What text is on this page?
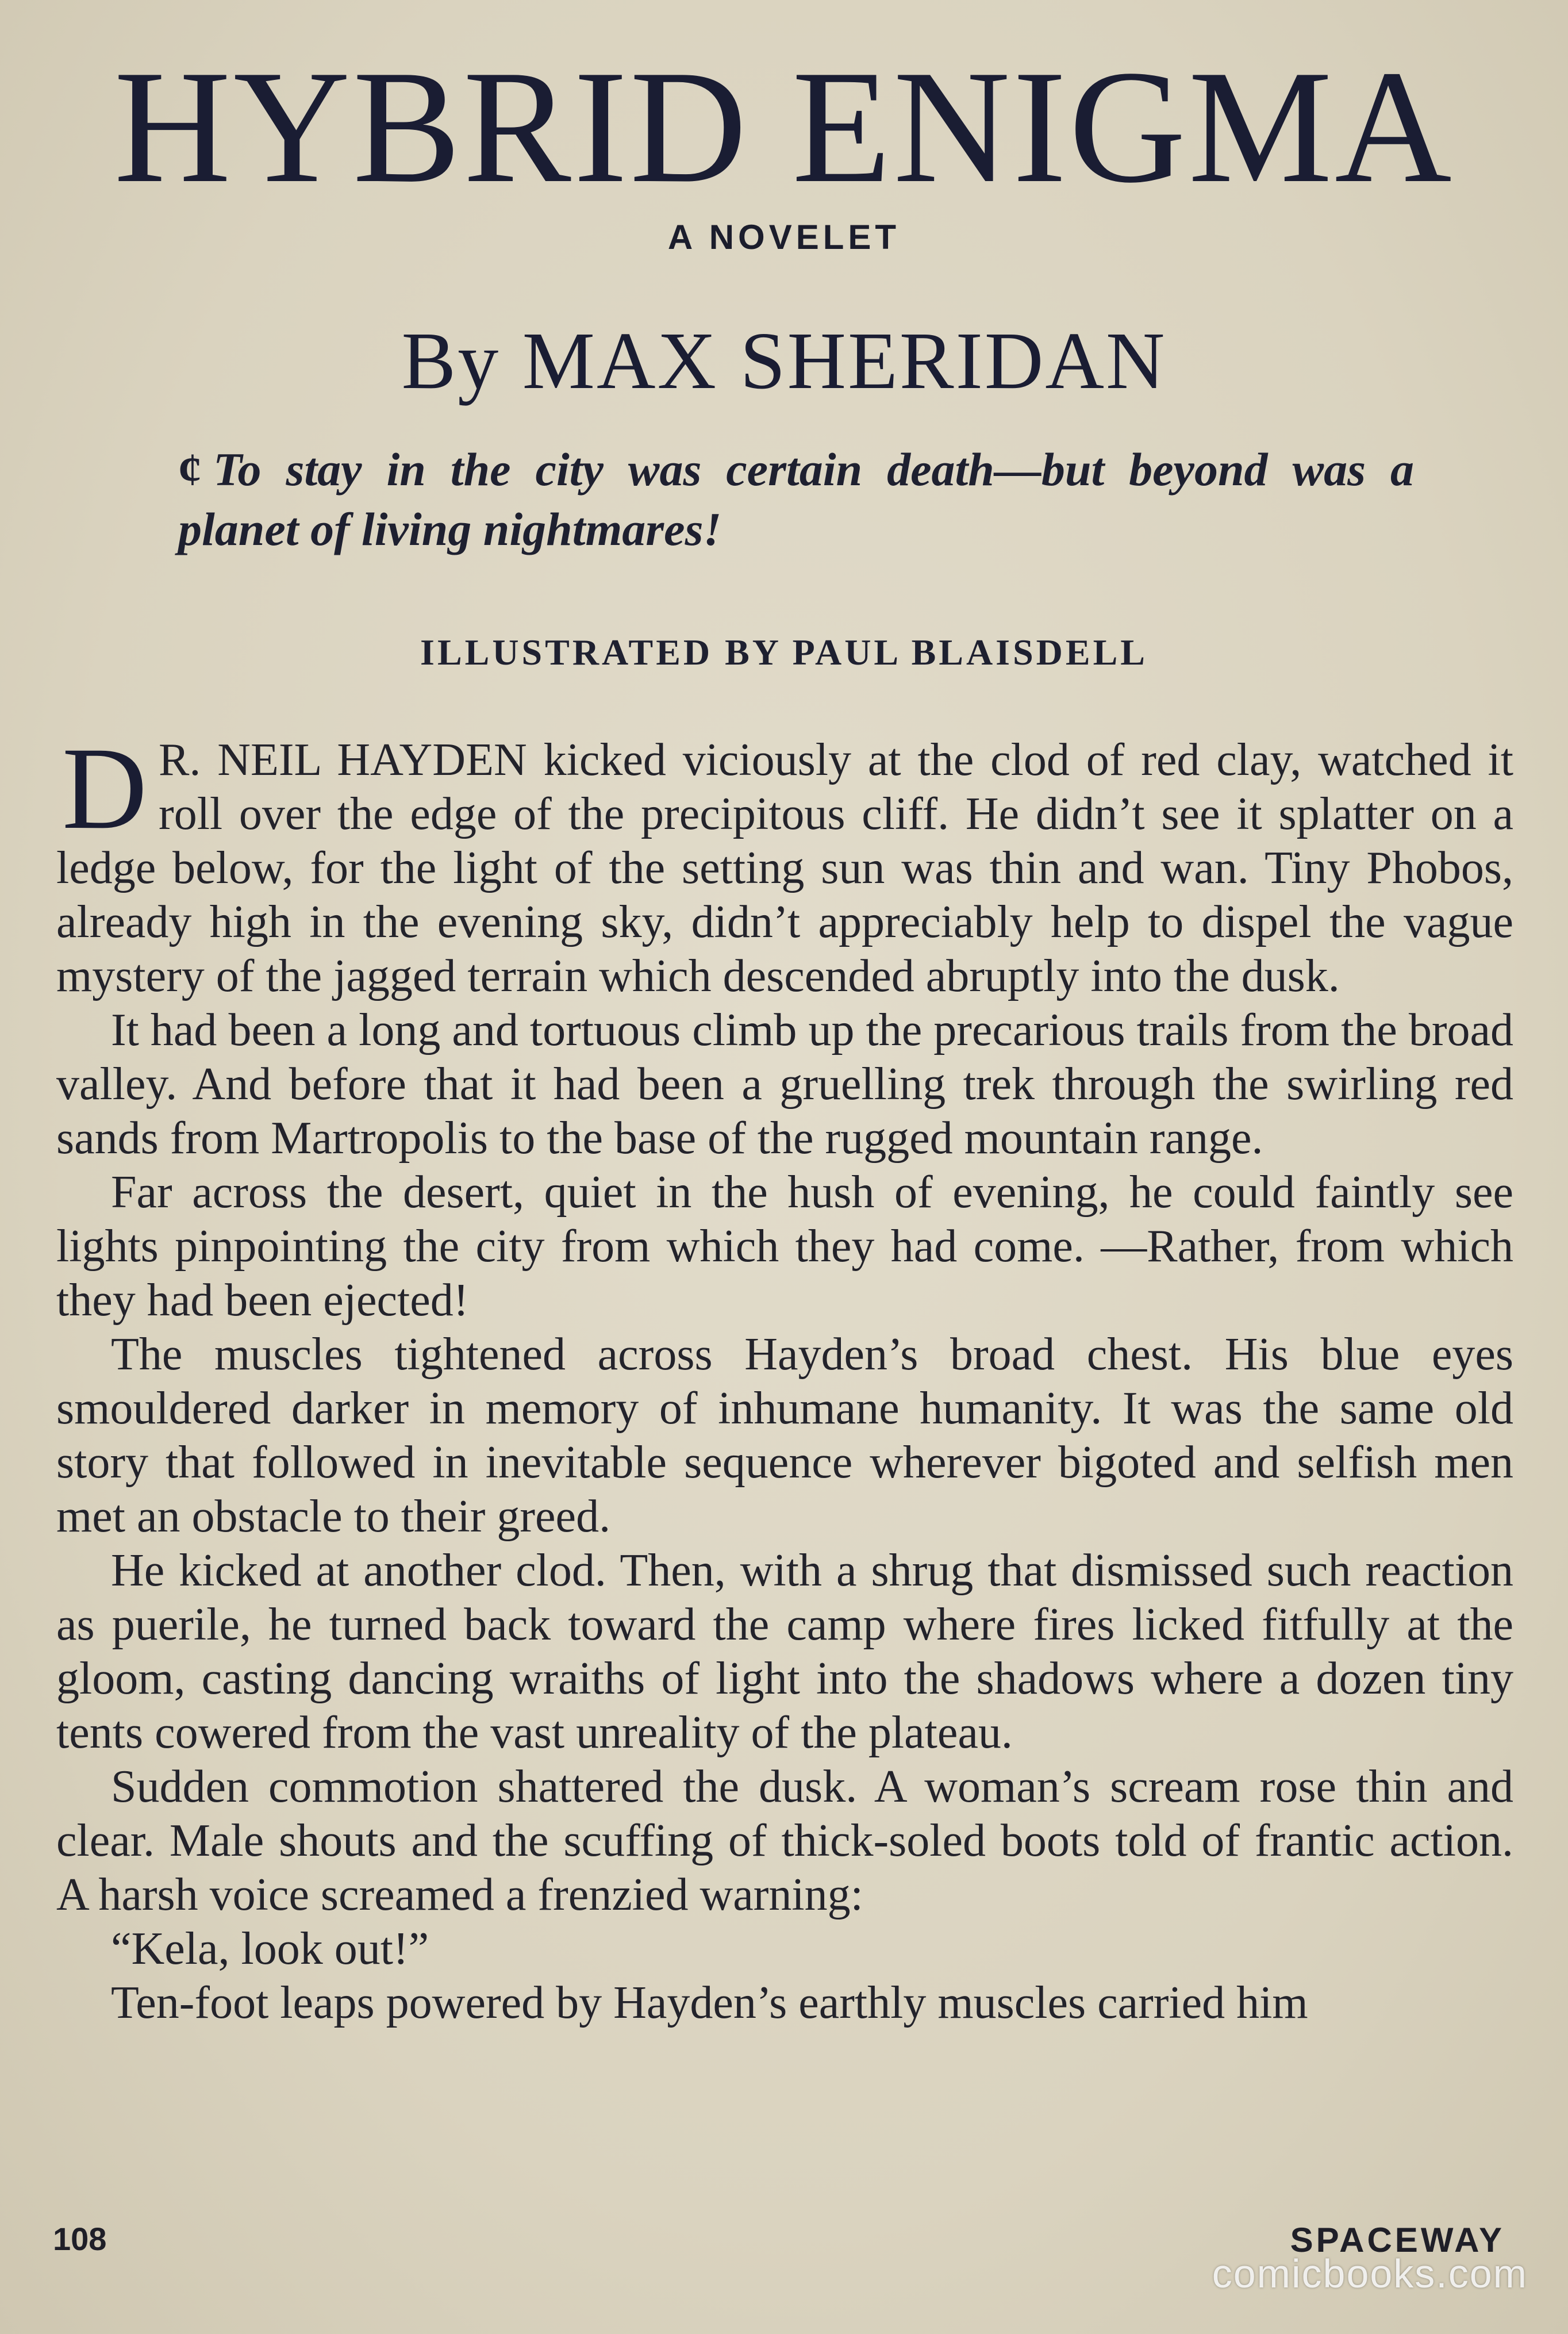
HYBRID ENIGMA
A NOVELET
By MAX SHERIDAN
¢ To stay in the city was certain death—but beyond was a planet of living nightmares!
ILLUSTRATED BY PAUL BLAISDELL

D R. NEIL HAYDEN kicked viciously at the clod of red clay, watched it roll over the edge of the precipitous cliff. He didn’t see it splatter on a ledge below, for the light of the setting sun was thin and wan. Tiny Phobos, already high in the evening sky, didn’t appreciably help to dispel the vague mystery of the jagged terrain which descended abruptly into the dusk.

It had been a long and tortuous climb up the precarious trails from the broad valley. And before that it had been a gruelling trek through the swirling red sands from Martropolis to the base of the rugged mountain range.

Far across the desert, quiet in the hush of evening, he could faintly see lights pinpointing the city from which they had come. —Rather, from which they had been ejected!

The muscles tightened across Hayden’s broad chest. His blue eyes smouldered darker in memory of inhumane humanity. It was the same old story that followed in inevitable sequence wherever bigoted and selfish men met an obstacle to their greed.

He kicked at another clod. Then, with a shrug that dismissed such reaction as puerile, he turned back toward the camp where fires licked fitfully at the gloom, casting dancing wraiths of light into the shadows where a dozen tiny tents cowered from the vast unreality of the plateau.

Sudden commotion shattered the dusk. A woman’s scream rose thin and clear. Male shouts and the scuffing of thick-soled boots told of frantic action. A harsh voice screamed a frenzied warning:

“Kela, look out!”

Ten-foot leaps powered by Hayden’s earthly muscles carried him

108	SPACEWAY
comicbooks.com
